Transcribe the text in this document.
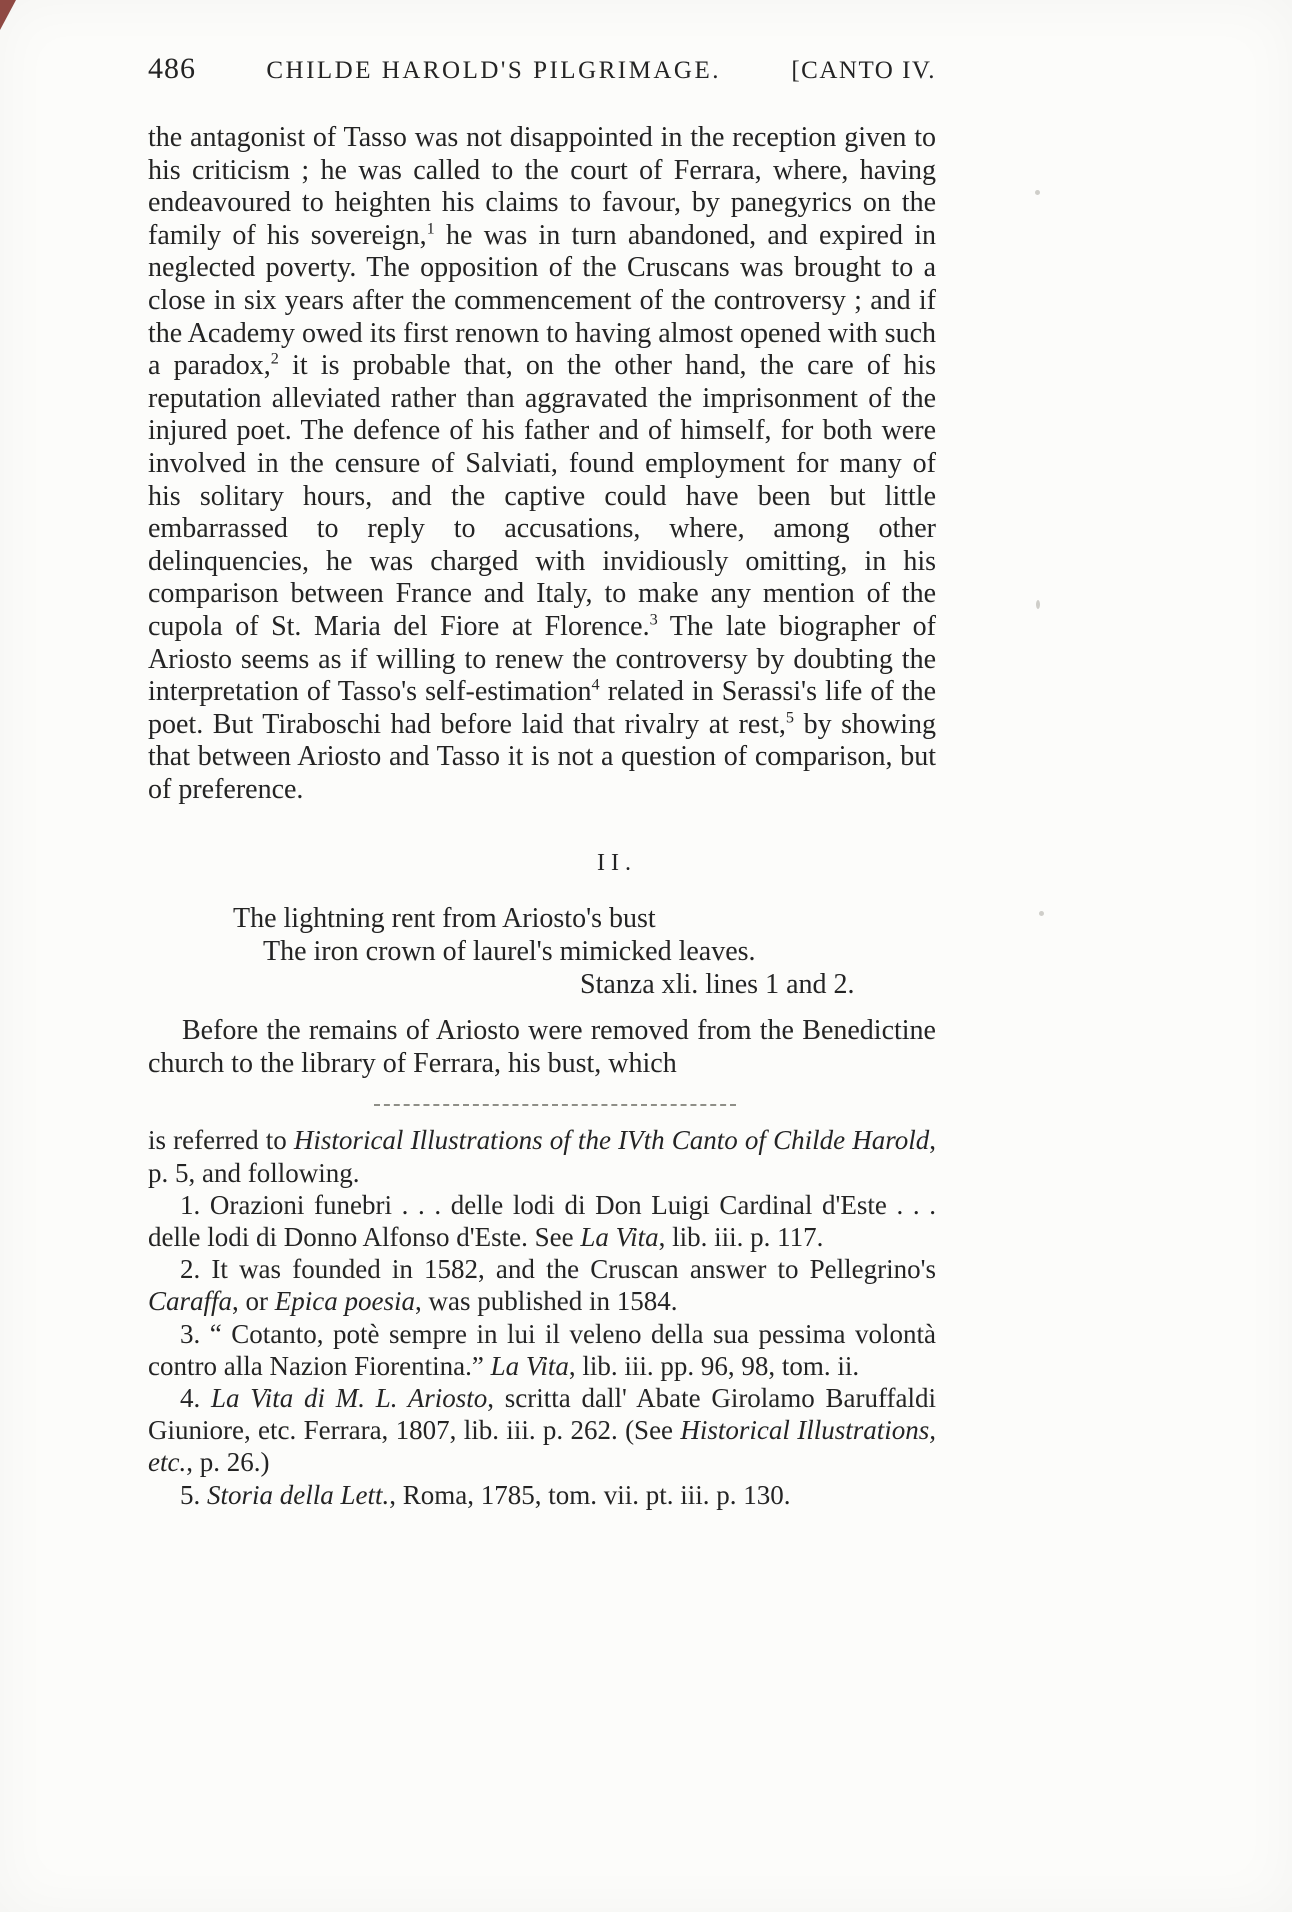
486	CHILDE HAROLD'S PILGRIMAGE.	[CANTO IV.

the antagonist of Tasso was not disappointed in the reception given to his criticism ; he was called to the court of Ferrara, where, having endeavoured to heighten his claims to favour, by panegyrics on the family of his sovereign,$^1$ he was in turn abandoned, and expired in neglected poverty. The opposition of the Cruscans was brought to a close in six years after the commencement of the controversy ; and if the Academy owed its first renown to having almost opened with such a paradox,$^2$ it is probable that, on the other hand, the care of his reputation alleviated rather than aggravated the imprisonment of the injured poet. The defence of his father and of himself, for both were involved in the censure of Salviati, found employment for many of his solitary hours, and the captive could have been but little embarrassed to reply to accusations, where, among other delinquencies, he was charged with invidiously omitting, in his comparison between France and Italy, to make any mention of the cupola of St. Maria del Fiore at Florence.$^3$ The late biographer of Ariosto seems as if willing to renew the controversy by doubting the interpretation of Tasso's self-estimation$^4$ related in Serassi's life of the poet. But Tiraboschi had before laid that rivalry at rest,$^5$ by showing that between Ariosto and Tasso it is not a question of comparison, but of preference.

II.
The lightning rent from Ariosto's bust
The iron crown of laurel's mimicked leaves.
Stanza xli. lines 1 and 2.

Before the remains of Ariosto were removed from the Benedictine church to the library of Ferrara, his bust, which

is referred to Historical Illustrations of the IVth Canto of Childe Harold, p. 5, and following.

1. Orazioni funebri . . . delle lodi di Don Luigi Cardinal d'Este . . . delle lodi di Donno Alfonso d'Este. See La Vita, lib. iii. p. 117.

2. It was founded in 1582, and the Cruscan answer to Pellegrino's Caraffa, or Epica poesia, was published in 1584.

3. “ Cotanto, potè sempre in lui il veleno della sua pessima volontà contro alla Nazion Fiorentina.” La Vita, lib. iii. pp. 96, 98, tom. ii.

4. La Vita di M. L. Ariosto, scritta dall' Abate Girolamo Baruffaldi Giuniore, etc. Ferrara, 1807, lib. iii. p. 262. (See Historical Illustrations, etc., p. 26.)

5. Storia della Lett., Roma, 1785, tom. vii. pt. iii. p. 130.
